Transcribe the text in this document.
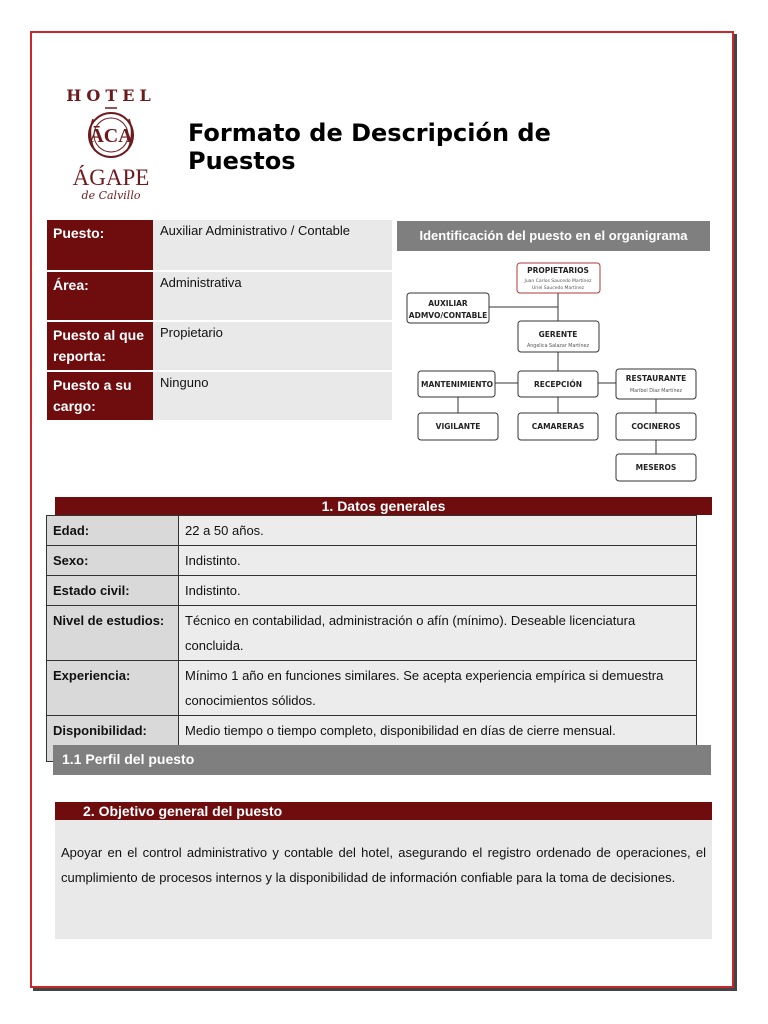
HOTEL
ĀCA
ÁGAPE
de Calvillo
Formato de Descripción de Puestos
Puesto:	Auxiliar Administrativo / Contable
Área:	Administrativa
Puesto al que reporta:
Propietario
Puesto a su cargo:
Ninguno
Identificación del puesto en el organigrama
PROPIETARIOS
Juan Carlos Saucedo Martínez
Uriel Saucedo Martínez
AUXILIAR
ADMVO/CONTABLE
GERENTE
Angelica Salazar Martínez
MANTENIMIENTO	RECEPCIÓN
RESTAURANTE
Maribel Díaz Martínez
VIGILANTE	CAMARERAS	COCINEROS
MESEROS
1. Datos generales
Edad:	22 a 50 años.
Sexo:	Indistinto.
Estado civil:	Indistinto.
Nivel de estudios:	Técnico en contabilidad, administración o afín (mínimo). Deseable licenciatura concluida.
Experiencia:	Mínimo 1 año en funciones similares. Se acepta experiencia empírica si demuestra conocimientos sólidos.
Disponibilidad:	Medio tiempo o tiempo completo, disponibilidad en días de cierre mensual.
1.1 Perfil del puesto
2. Objetivo general del puesto
Apoyar en el control administrativo y contable del hotel, asegurando el registro ordenado de operaciones, el cumplimiento de procesos internos y la disponibilidad de información confiable para la toma de decisiones.
